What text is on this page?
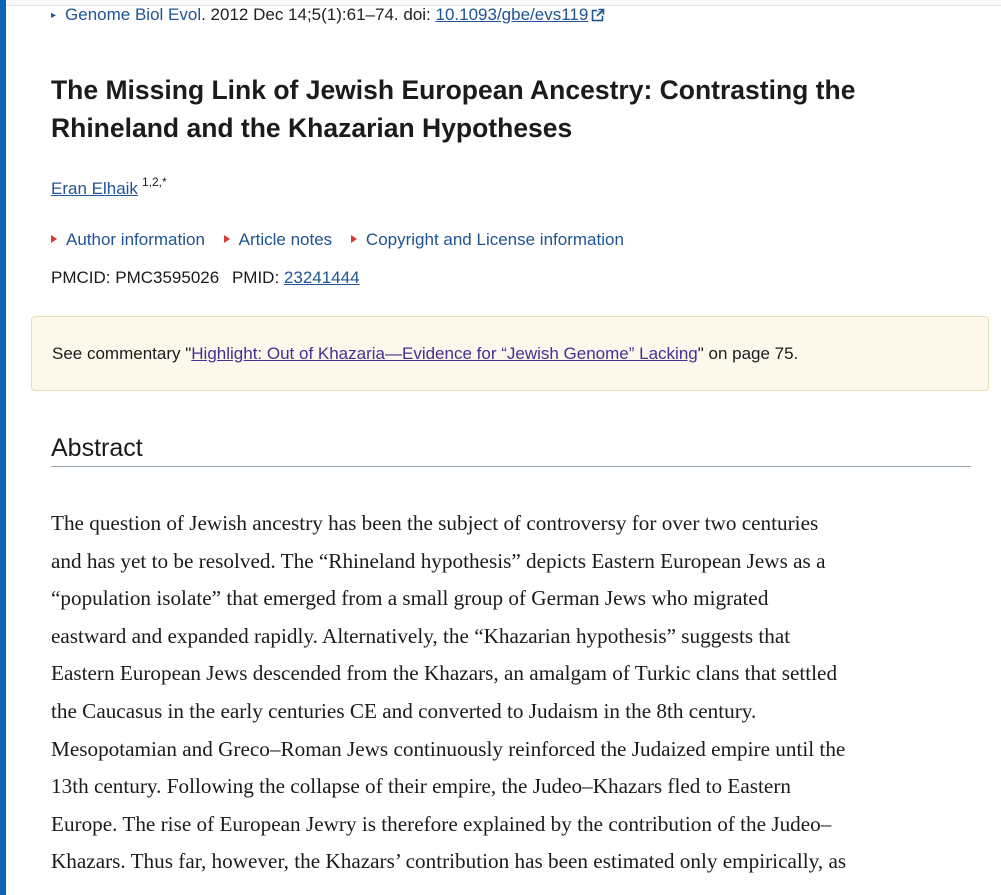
▸ Genome Biol Evol. 2012 Dec 14;5(1):61–74. doi: 10.1093/gbe/evs119
The Missing Link of Jewish European Ancestry: Contrasting the Rhineland and the Khazarian Hypotheses
Eran Elhaik $^{1,2,*}$
Author information Article notes Copyright and License information
PMCID: PMC3595026 PMID: 23241444
See commentary "Highlight: Out of Khazaria—Evidence for “Jewish Genome” Lacking" on page 75.
Abstract

The question of Jewish ancestry has been the subject of controversy for over two centuries
and has yet to be resolved. The “Rhineland hypothesis” depicts Eastern European Jews as a
“population isolate” that emerged from a small group of German Jews who migrated
eastward and expanded rapidly. Alternatively, the “Khazarian hypothesis” suggests that
Eastern European Jews descended from the Khazars, an amalgam of Turkic clans that settled
the Caucasus in the early centuries CE and converted to Judaism in the 8th century.
Mesopotamian and Greco–Roman Jews continuously reinforced the Judaized empire until the
13th century. Following the collapse of their empire, the Judeo–Khazars fled to Eastern
Europe. The rise of European Jewry is therefore explained by the contribution of the Judeo–
Khazars. Thus far, however, the Khazars’ contribution has been estimated only empirically, as
